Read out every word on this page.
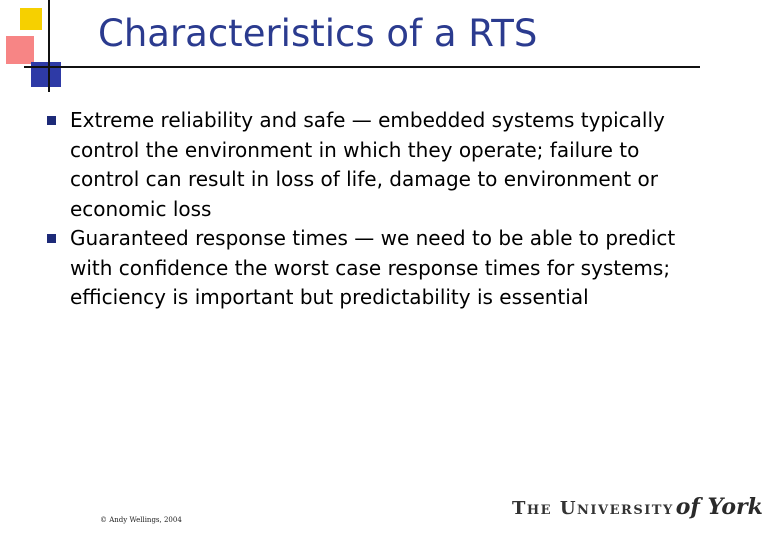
Characteristics of a RTS
Extreme reliability and safe — embedded systems typically control the environment in which they operate; failure to control can result in loss of life, damage to environment or economic loss
Guaranteed response times — we need to be able to predict with confidence the worst case response times for systems; efficiency is important but predictability is essential
© Andy Wellings, 2004
The University of York
